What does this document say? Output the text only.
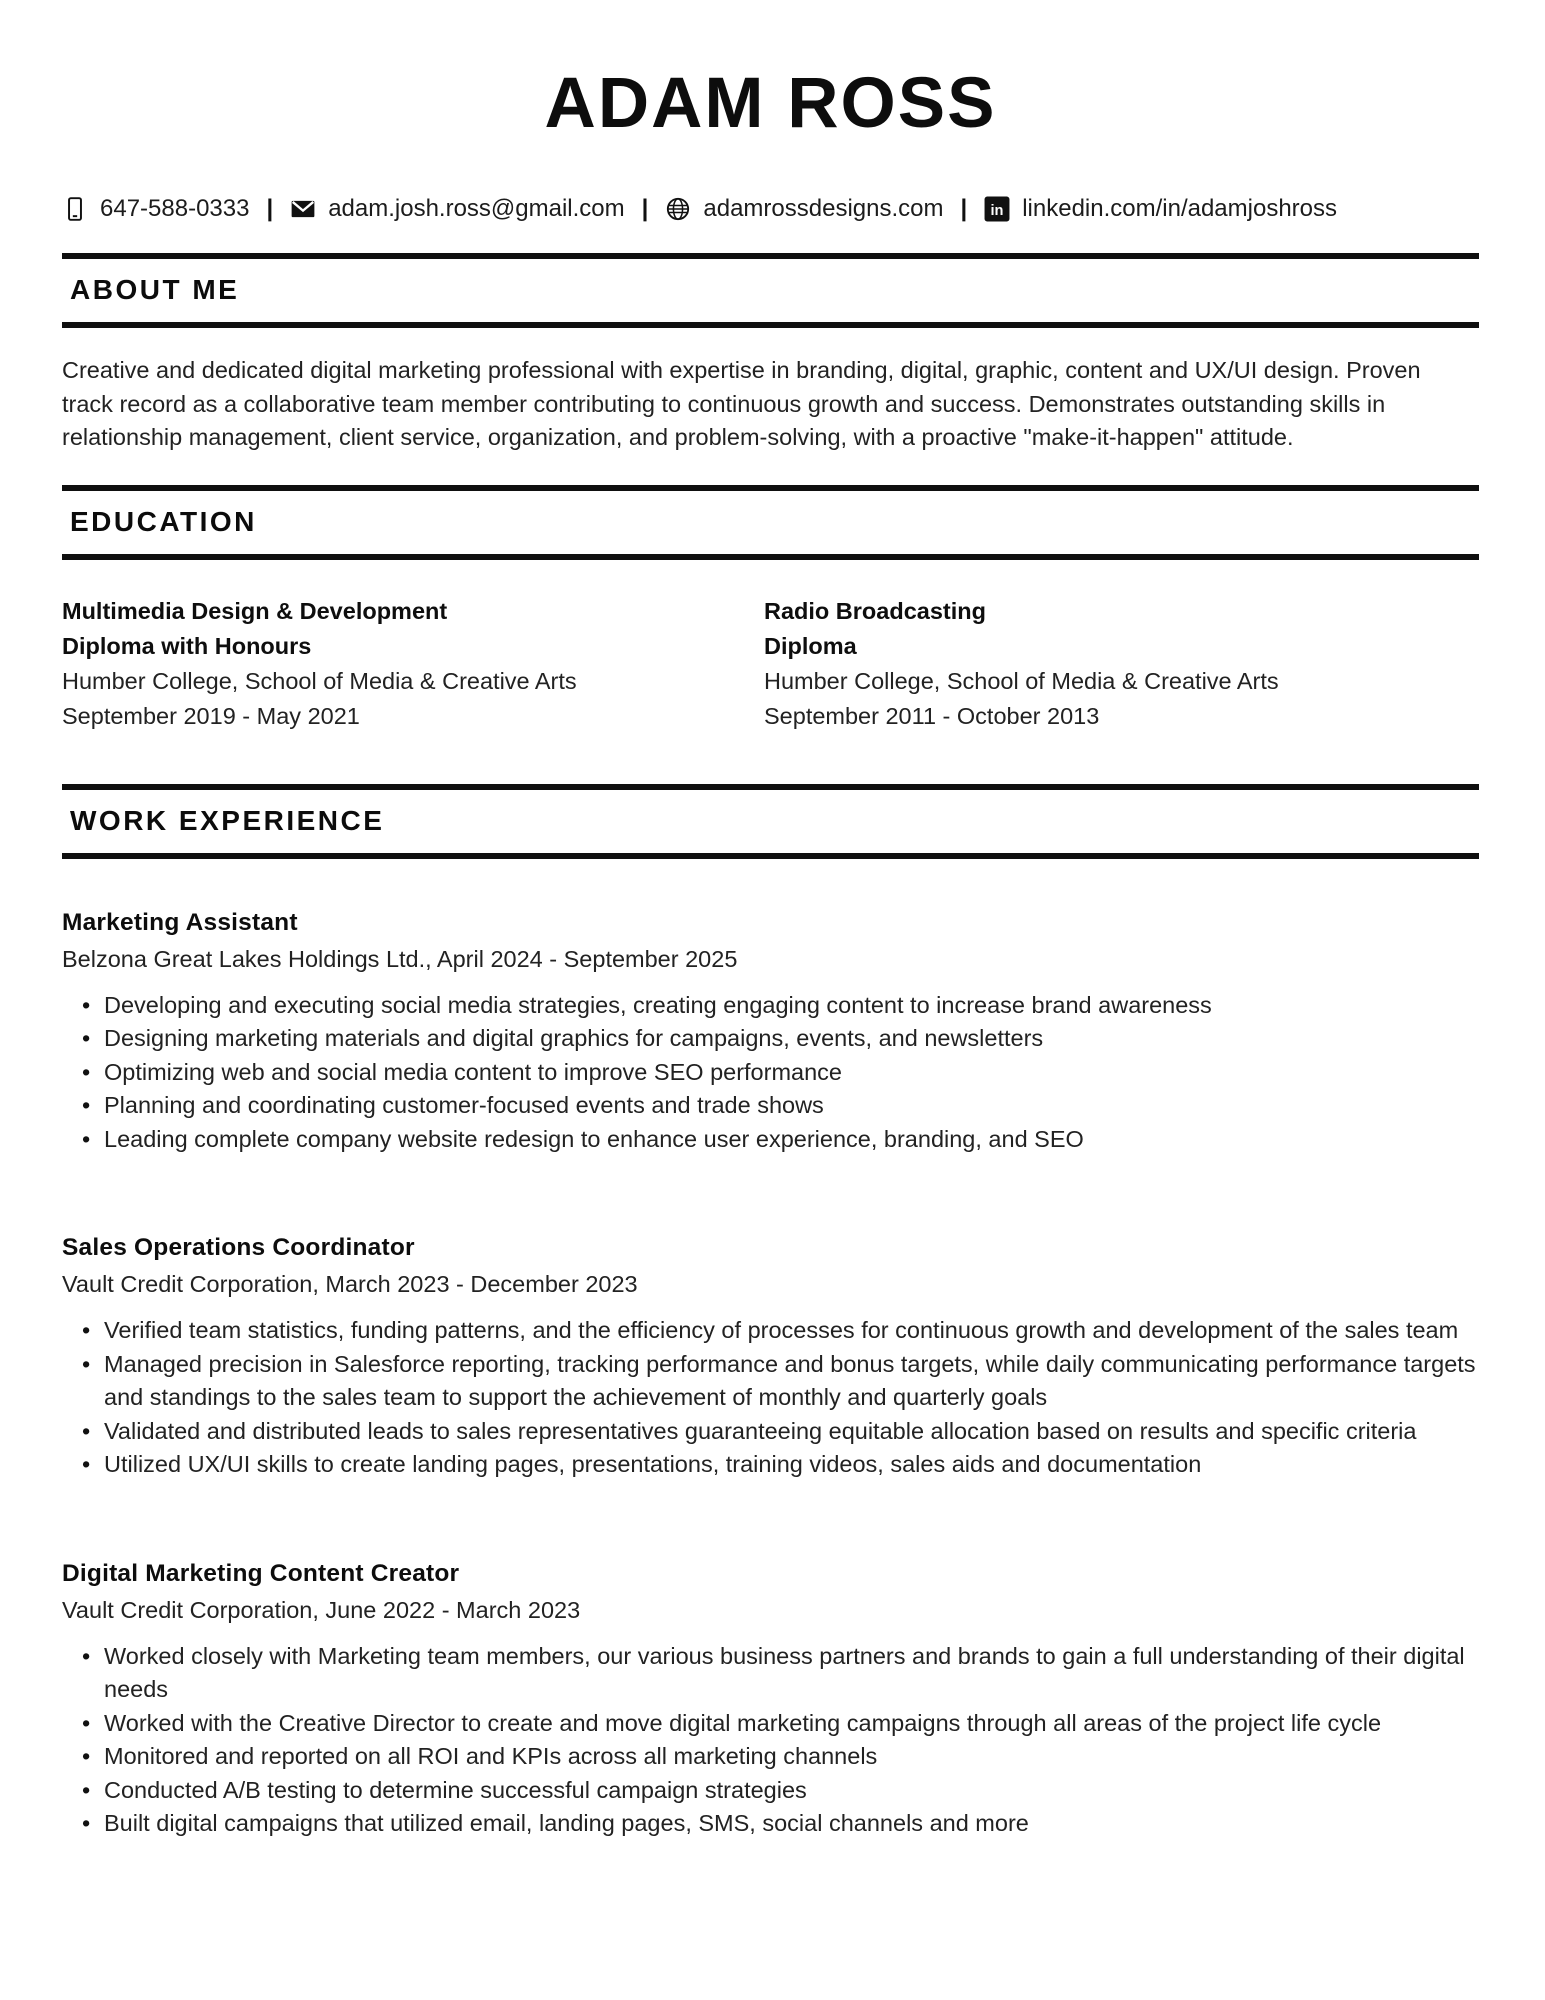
ADAM ROSS
647-588-0333 | adam.josh.ross@gmail.com | adamrossdesigns.com | in linkedin.com/in/adamjoshross
ABOUT ME

Creative and dedicated digital marketing professional with expertise in branding, digital, graphic, content and UX/UI design. Proven track record as a collaborative team member contributing to continuous growth and success. Demonstrates outstanding skills in relationship management, client service, organization, and problem-solving, with a proactive "make-it-happen" attitude.

EDUCATION
Multimedia Design & Development
Diploma with Honours
Humber College, School of Media & Creative Arts
September 2019 - May 2021
Radio Broadcasting
Diploma
Humber College, School of Media & Creative Arts
September 2011 - October 2013
WORK EXPERIENCE
Marketing Assistant

Belzona Great Lakes Holdings Ltd., April 2024 - September 2025

• Developing and executing social media strategies, creating engaging content to increase brand awareness
• Designing marketing materials and digital graphics for campaigns, events, and newsletters
• Optimizing web and social media content to improve SEO performance
• Planning and coordinating customer-focused events and trade shows
• Leading complete company website redesign to enhance user experience, branding, and SEO
Sales Operations Coordinator

Vault Credit Corporation, March 2023 - December 2023

• Verified team statistics, funding patterns, and the efficiency of processes for continuous growth and development of the sales team
• Managed precision in Salesforce reporting, tracking performance and bonus targets, while daily communicating performance targets and standings to the sales team to support the achievement of monthly and quarterly goals
• Validated and distributed leads to sales representatives guaranteeing equitable allocation based on results and specific criteria
• Utilized UX/UI skills to create landing pages, presentations, training videos, sales aids and documentation
Digital Marketing Content Creator

Vault Credit Corporation, June 2022 - March 2023

• Worked closely with Marketing team members, our various business partners and brands to gain a full understanding of their digital needs
• Worked with the Creative Director to create and move digital marketing campaigns through all areas of the project life cycle
• Monitored and reported on all ROI and KPIs across all marketing channels
• Conducted A/B testing to determine successful campaign strategies
• Built digital campaigns that utilized email, landing pages, SMS, social channels and more
